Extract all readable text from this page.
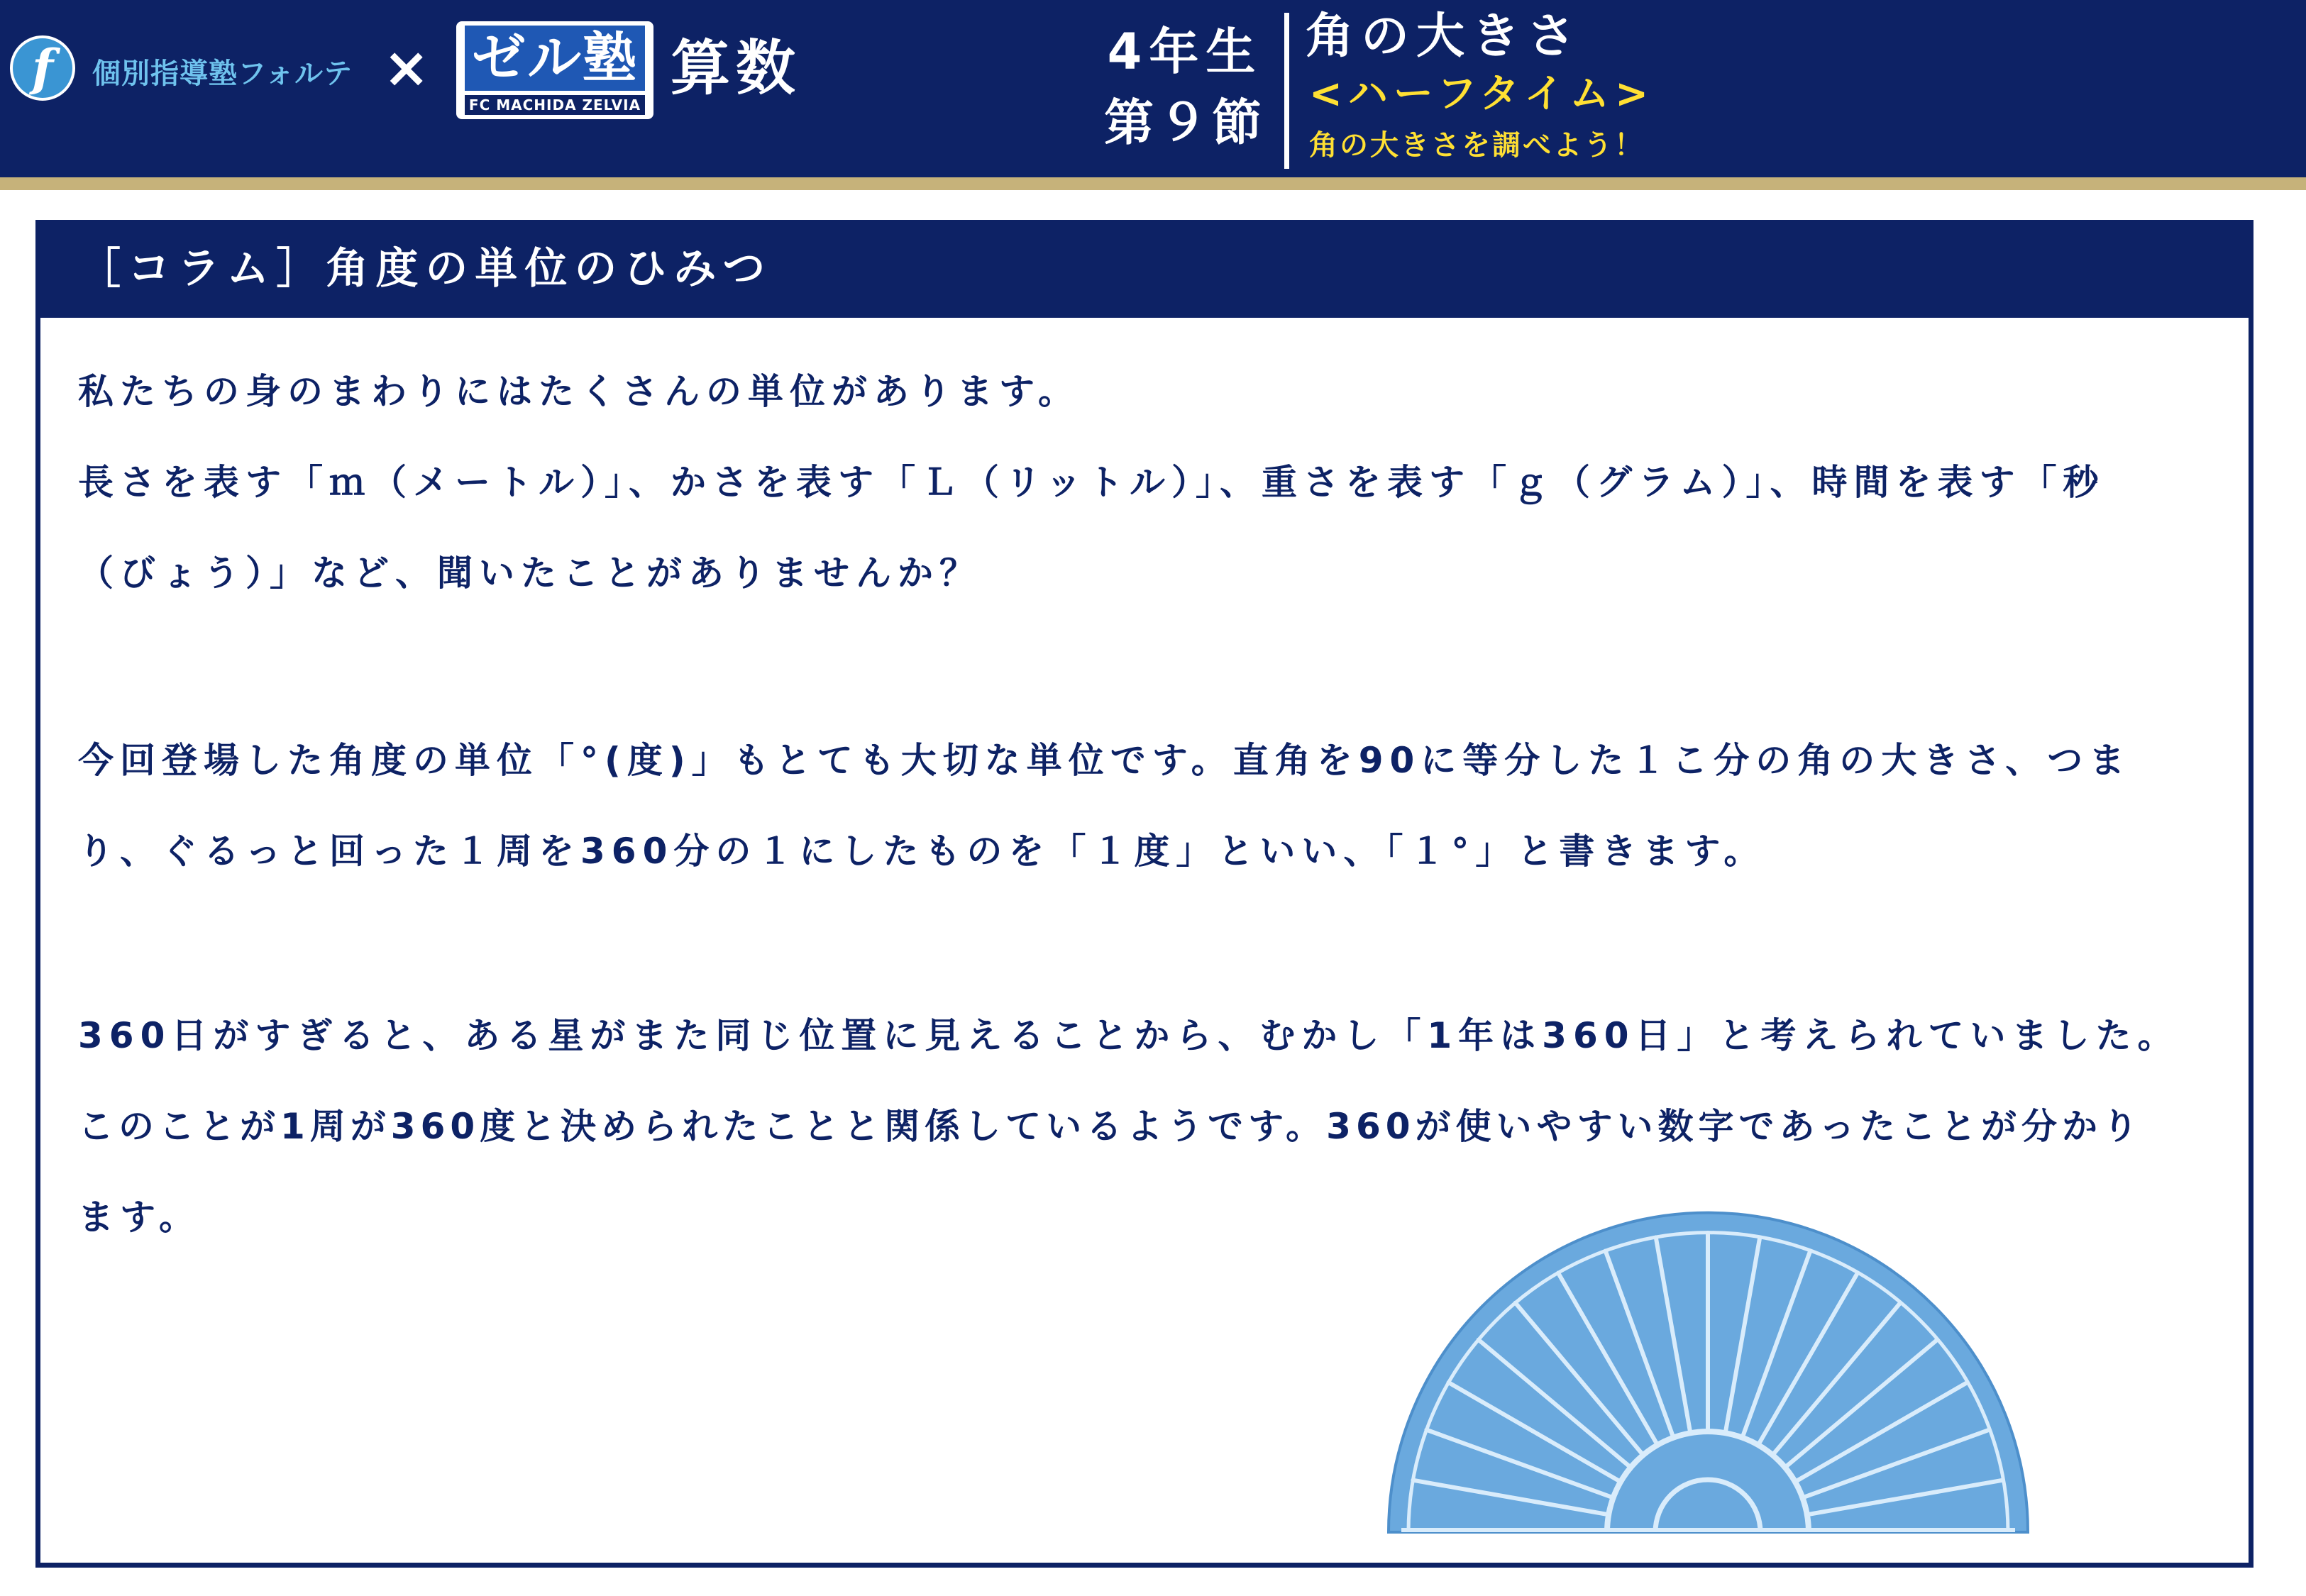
f	個別指導塾フォルテ × ゼル塾
FC MACHIDA ZELVIA
算数	4年生
第９節
角の大きさ
<ハーフタイム>
角の大きさを調べよう！
［コラム］角度の単位のひみつ
私たちの身のまわりにはたくさんの単位があります。
長さを表す「ｍ（メートル）」、かさを表す「Ｌ（リットル）」、重さを表す「ｇ（グラム）」、時間を表す「秒
（びょう）」など、聞いたことがありませんか？
今回登場した角度の単位「°(度)」もとても大切な単位です。直角を90に等分した１こ分の角の大きさ、つま
り、ぐるっと回った１周を360分の１にしたものを「１度」といい、「１°」と書きます。
360日がすぎると、ある星がまた同じ位置に見えることから、むかし「1年は360日」と考えられていました。
このことが1周が360度と決められたことと関係しているようです。360が使いやすい数字であったことが分かり
ます。
